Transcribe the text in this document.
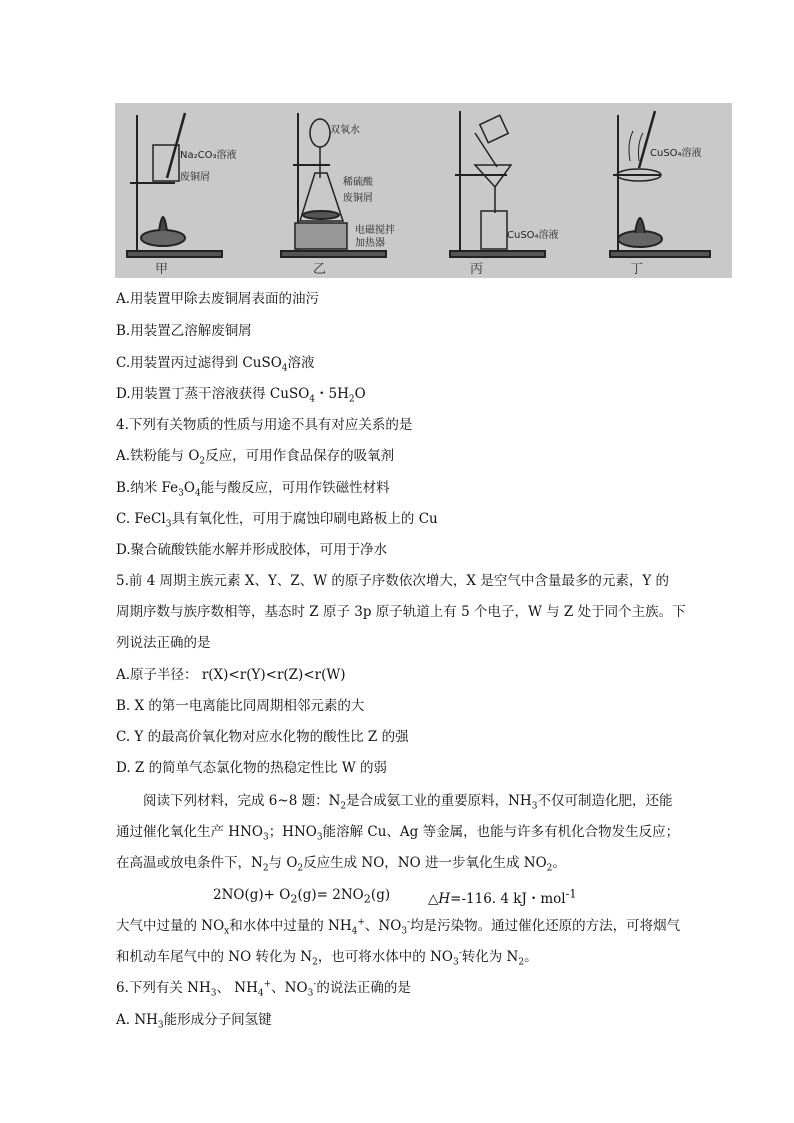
Na₂CO₃溶液
废铜屑
甲
双氧水
稀硫酸
废铜屑
电磁搅拌
加热器
乙
CuSO₄溶液
丙
CuSO₄溶液
丁
A.用装置甲除去废铜屑表面的油污
B.用装置乙溶解废铜屑
C.用装置丙过滤得到 CuSO$_4$溶液
D.用装置丁蒸干溶液获得 CuSO$_4$・$5H_2O$
4.下列有关物质的性质与用途不具有对应关系的是
A.铁粉能与 $O_2$反应，可用作食品保存的吸氧剂
B.纳米 $Fe_3O_4$能与酸反应，可用作铁磁性材料
C. FeCl$_3$具有氧化性，可用于腐蚀印刷电路板上的 Cu
D.聚合硫酸铁能水解并形成胶体，可用于净水
5.前 4 周期主族元素 X、Y、Z、W 的原子序数依次增大，X 是空气中含量最多的元素，Y 的
周期序数与族序数相等，基态时 Z 原子 3p 原子轨道上有 5 个电子，W 与 Z 处于同个主族。下
列说法正确的是
A.原子半径： r(X)<r(Y)<r(Z)<r(W)
B. X 的第一电离能比同周期相邻元素的大
C. Y 的最高价氧化物对应水化物的酸性比 Z 的强
D. Z 的简单气态氯化物的热稳定性比 W 的弱
阅读下列材料，完成 6~8 题：$N_2$是合成氨工业的重要原料，$NH_3$不仅可制造化肥，还能
通过催化氧化生产 $HNO_3$；$HNO_3$能溶解 Cu、Ag 等金属，也能与许多有机化合物发生反应；
在高温或放电条件下，$N_2$与 $O_2$反应生成 NO，NO 进一步氧化生成 $NO_2$。
$2NO(g)+ O_2(g)= 2NO_2(g)$	△H=-116. 4 kJ・mol$^{-1}$
大气中过量的 $NO_x$和水体中过量的 $NH_4^+$、$NO_3^-$均是污染物。通过催化还原的方法，可将烟气
和机动车尾气中的 NO 转化为 $N_2$，也可将水体中的 $NO_3^-$转化为 $N_2$。
6.下列有关 $NH_3$、 $NH_4^+$、$NO_3^-$的说法正确的是
A. $NH_3$能形成分子间氢键
